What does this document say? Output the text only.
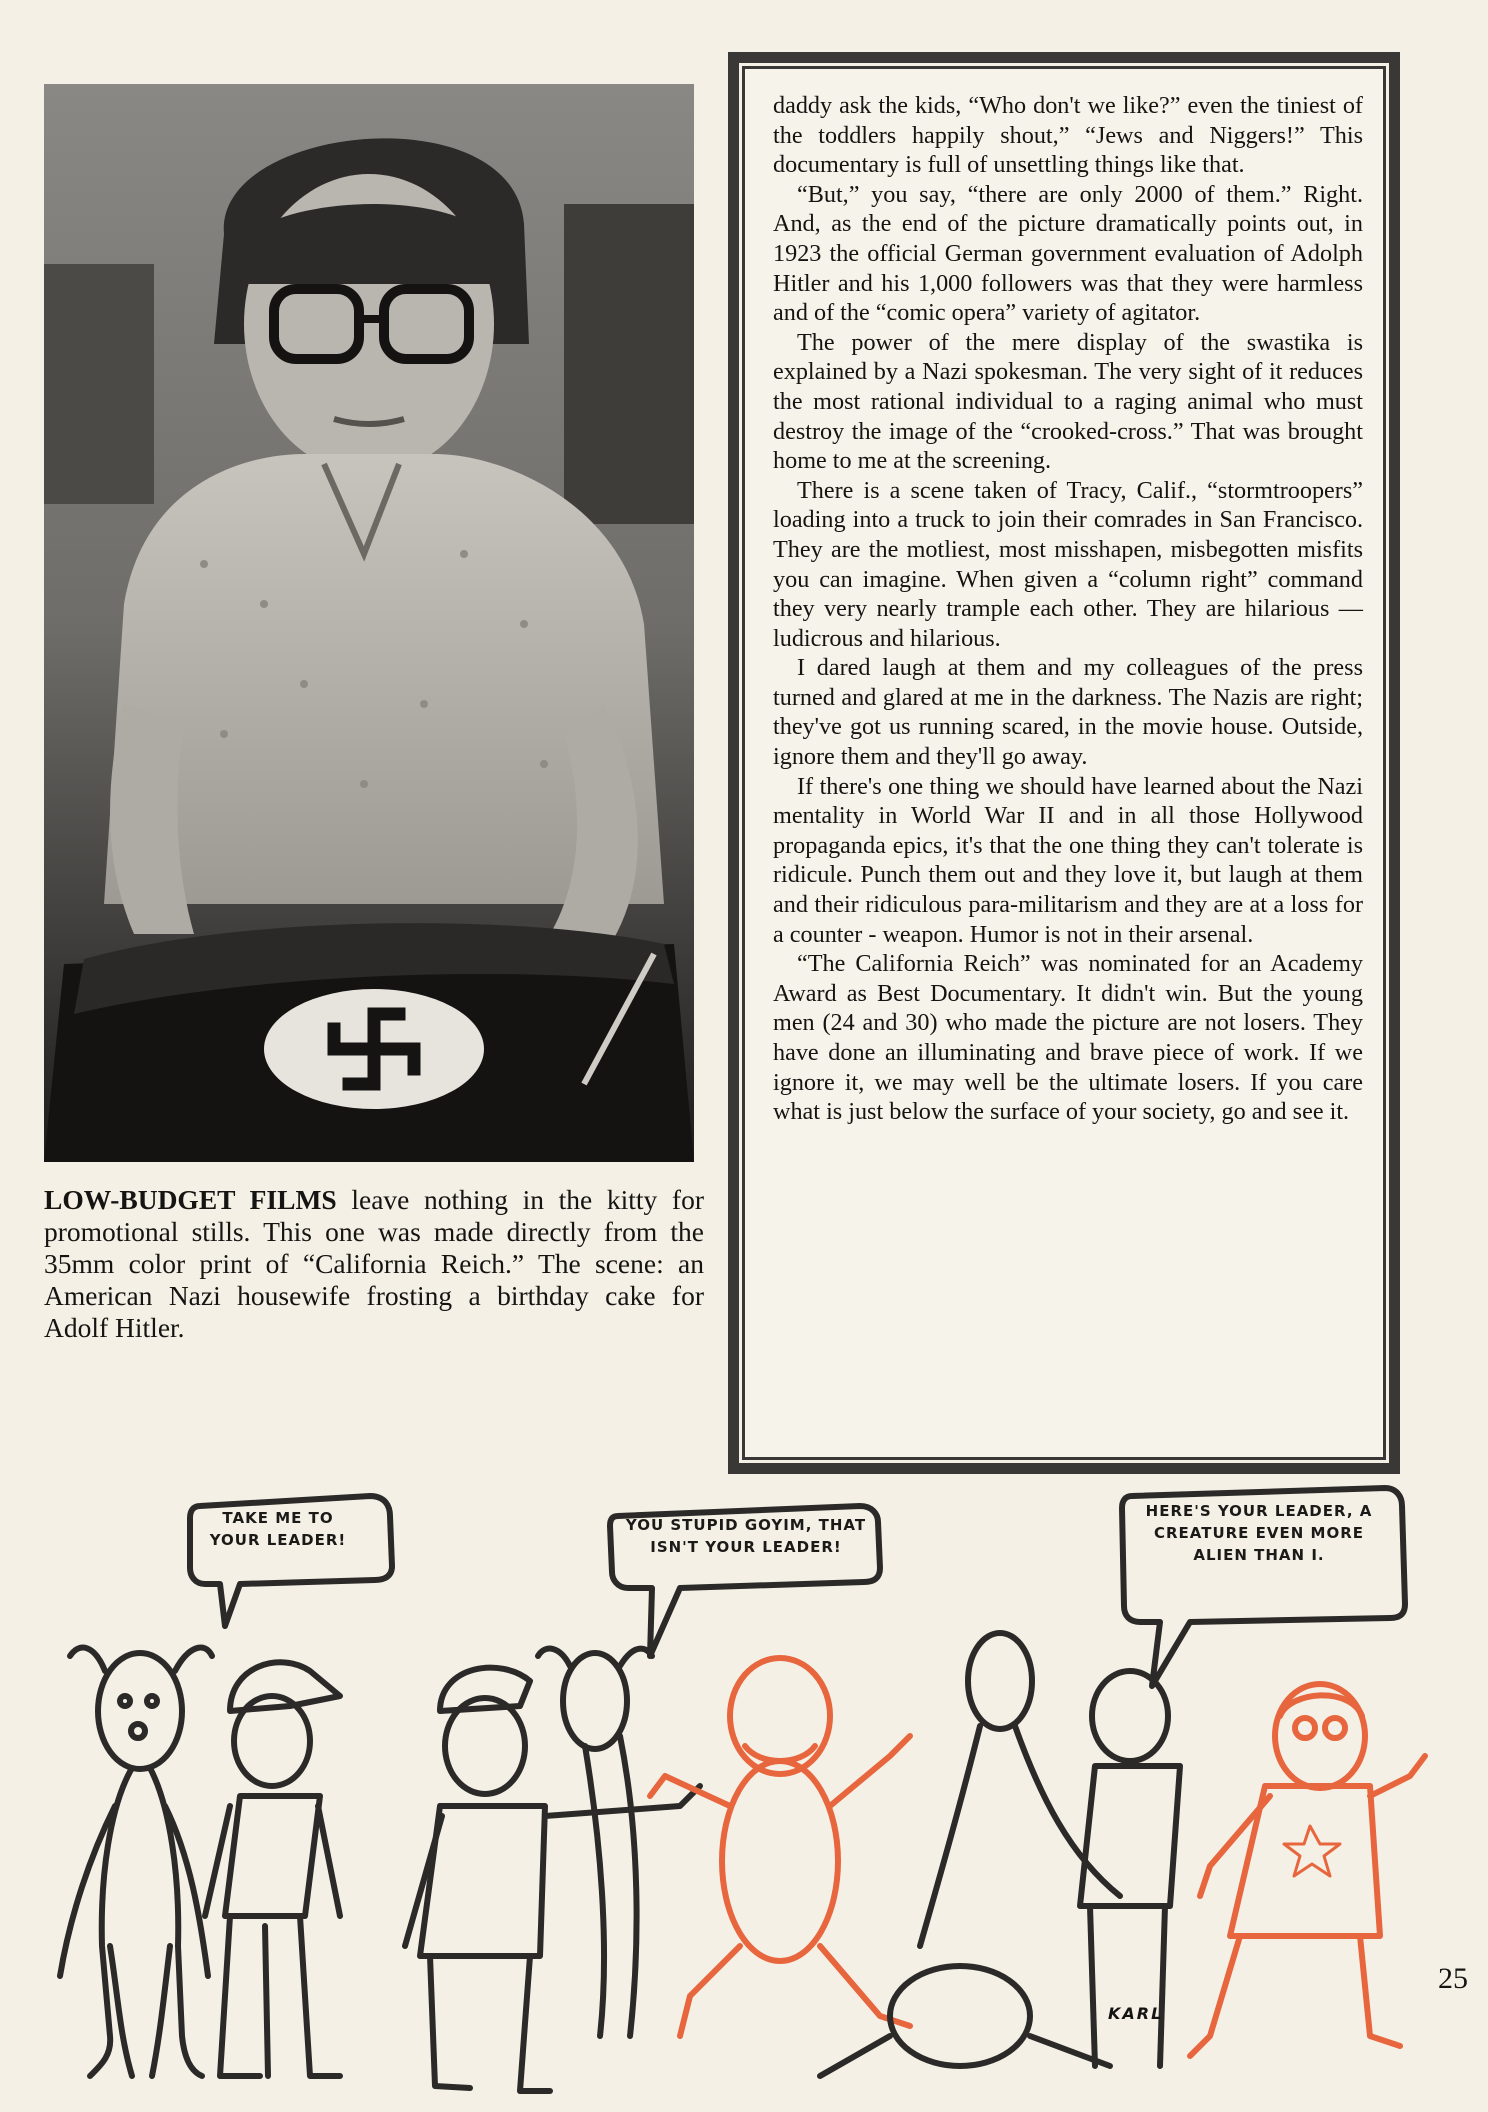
LOW-BUDGET FILMS leave nothing in the kitty for promotional stills. This one was made directly from the 35mm color print of “California Reich.” The scene: an American Nazi housewife frosting a birthday cake for Adolf Hitler.

daddy ask the kids, “Who don't we like?” even the tiniest of the toddlers happily shout,” “Jews and Niggers!” This documentary is full of unsettling things like that.

“But,” you say, “there are only 2000 of them.” Right. And, as the end of the picture dramatically points out, in 1923 the official German government evaluation of Adolph Hitler and his 1,000 followers was that they were harmless and of the “comic opera” variety of agitator.

The power of the mere display of the swastika is explained by a Nazi spokesman. The very sight of it reduces the most rational individual to a raging animal who must destroy the image of the “crooked-cross.” That was brought home to me at the screening.

There is a scene taken of Tracy, Calif., “stormtroopers” loading into a truck to join their comrades in San Francisco. They are the motliest, most misshapen, misbegotten misfits you can imagine. When given a “column right” command they very nearly trample each other. They are hilarious — ludicrous and hilarious.

I dared laugh at them and my colleagues of the press turned and glared at me in the darkness. The Nazis are right; they've got us running scared, in the movie house. Outside, ignore them and they'll go away.

If there's one thing we should have learned about the Nazi mentality in World War II and in all those Hollywood propaganda epics, it's that the one thing they can't tolerate is ridicule. Punch them out and they love it, but laugh at them and their ridiculous para-militarism and they are at a loss for a counter - weapon. Humor is not in their arsenal.

“The California Reich” was nominated for an Academy Award as Best Documentary. It didn't win. But the young men (24 and 30) who made the picture are not losers. They have done an illuminating and brave piece of work. If we ignore it, we may well be the ultimate losers. If you care what is just below the surface of your society, go and see it.

TAKE ME TO
YOUR LEADER!
YOU STUPID GOYIM, THAT
ISN'T YOUR LEADER!
HERE'S YOUR LEADER, A
CREATURE EVEN MORE
ALIEN THAN I.
KARL
25
